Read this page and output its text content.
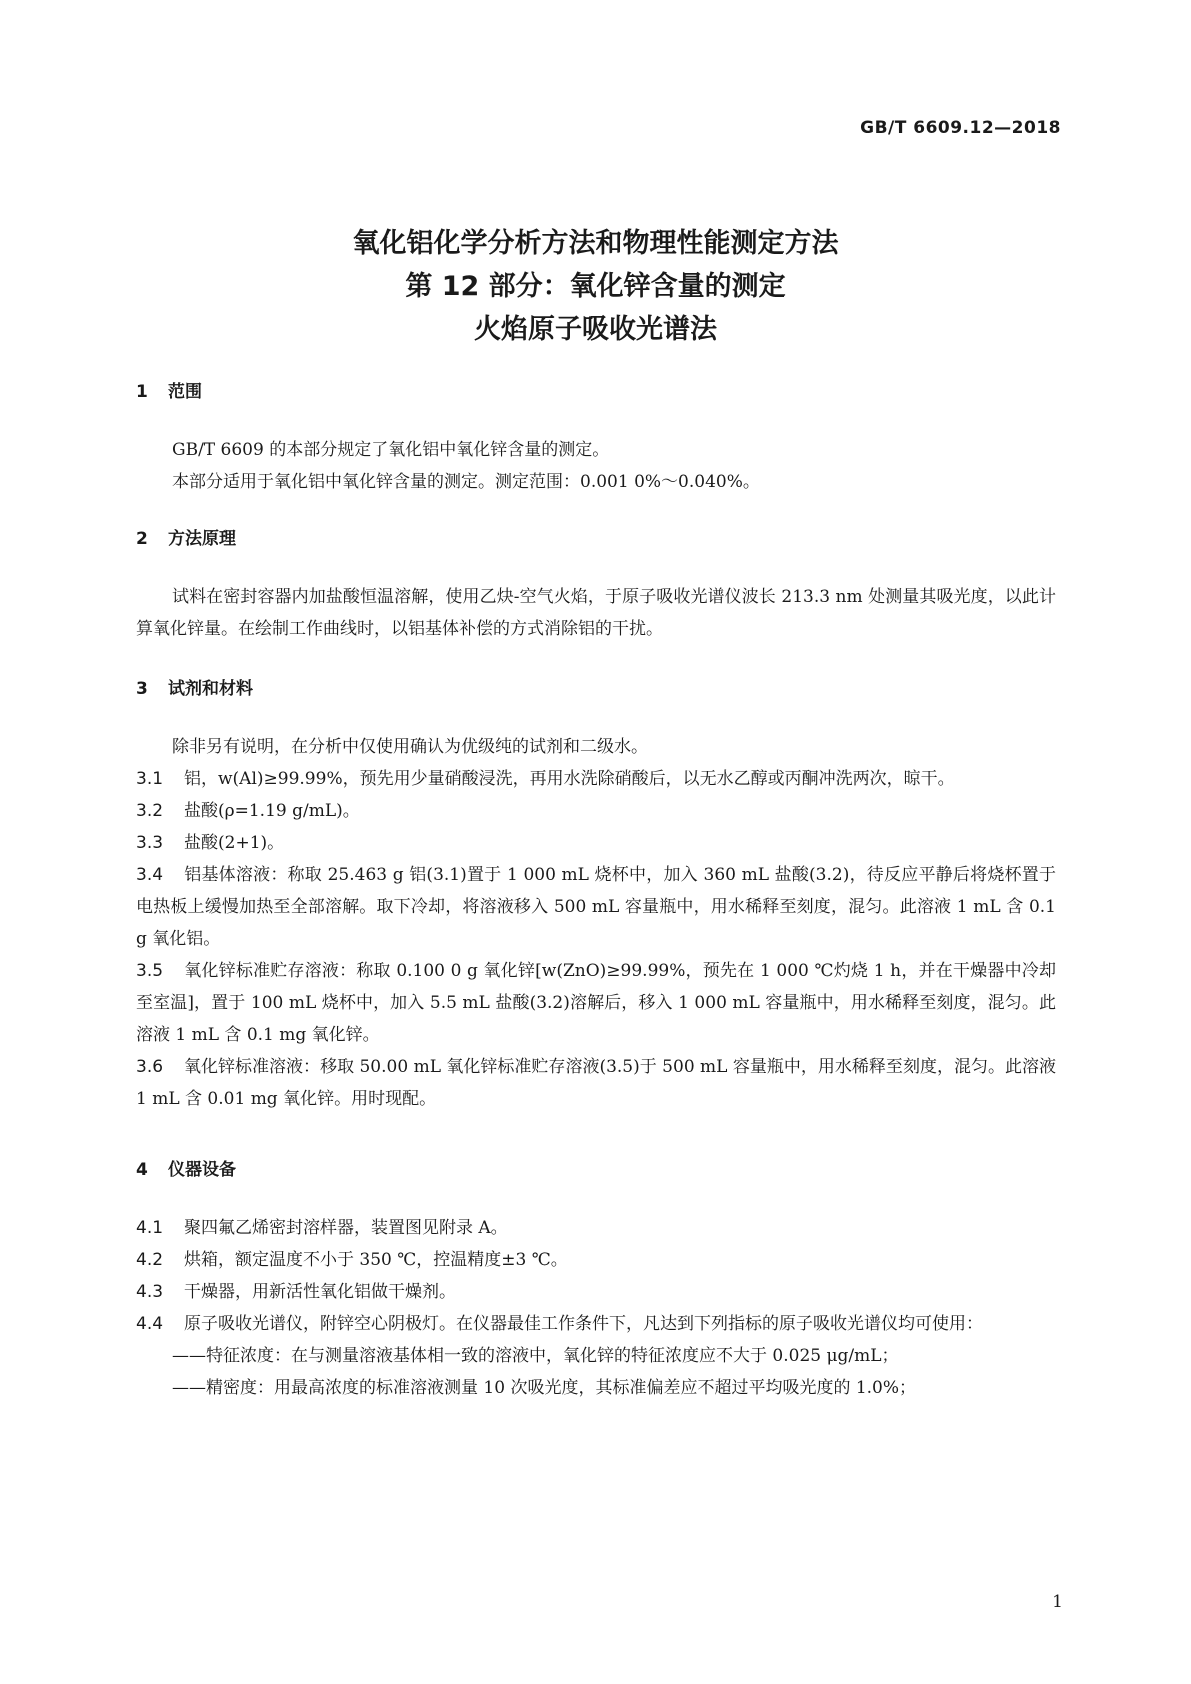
GB/T 6609.12—2018
氧化铝化学分析方法和物理性能测定方法
第 12 部分：氧化锌含量的测定
火焰原子吸收光谱法
1 范围

GB/T 6609 的本部分规定了氧化铝中氧化锌含量的测定。

本部分适用于氧化铝中氧化锌含量的测定。测定范围：0.001 0%～0.040%。

2 方法原理

试料在密封容器内加盐酸恒温溶解，使用乙炔-空气火焰，于原子吸收光谱仪波长 213.3 nm 处测量其吸光度，以此计算氧化锌量。在绘制工作曲线时，以铝基体补偿的方式消除铝的干扰。

3 试剂和材料

除非另有说明，在分析中仅使用确认为优级纯的试剂和二级水。

3.1 铝，w(Al)≥99.99%，预先用少量硝酸浸洗，再用水洗除硝酸后，以无水乙醇或丙酮冲洗两次，晾干。

3.2 盐酸(ρ=1.19 g/mL)。

3.3 盐酸(2+1)。

3.4 铝基体溶液：称取 25.463 g 铝(3.1)置于 1 000 mL 烧杯中，加入 360 mL 盐酸(3.2)，待反应平静后将烧杯置于电热板上缓慢加热至全部溶解。取下冷却，将溶液移入 500 mL 容量瓶中，用水稀释至刻度，混匀。此溶液 1 mL 含 0.1 g 氧化铝。

3.5 氧化锌标准贮存溶液：称取 0.100 0 g 氧化锌[w(ZnO)≥99.99%，预先在 1 000 ℃灼烧 1 h，并在干燥器中冷却至室温]，置于 100 mL 烧杯中，加入 5.5 mL 盐酸(3.2)溶解后，移入 1 000 mL 容量瓶中，用水稀释至刻度，混匀。此溶液 1 mL 含 0.1 mg 氧化锌。

3.6 氧化锌标准溶液：移取 50.00 mL 氧化锌标准贮存溶液(3.5)于 500 mL 容量瓶中，用水稀释至刻度，混匀。此溶液 1 mL 含 0.01 mg 氧化锌。用时现配。

4 仪器设备

4.1 聚四氟乙烯密封溶样器，装置图见附录 A。

4.2 烘箱，额定温度不小于 350 ℃，控温精度±3 ℃。

4.3 干燥器，用新活性氧化铝做干燥剂。

4.4 原子吸收光谱仪，附锌空心阴极灯。在仪器最佳工作条件下，凡达到下列指标的原子吸收光谱仪均可使用：

——特征浓度：在与测量溶液基体相一致的溶液中，氧化锌的特征浓度应不大于 0.025 μg/mL；

——精密度：用最高浓度的标准溶液测量 10 次吸光度，其标准偏差应不超过平均吸光度的 1.0%；

1
